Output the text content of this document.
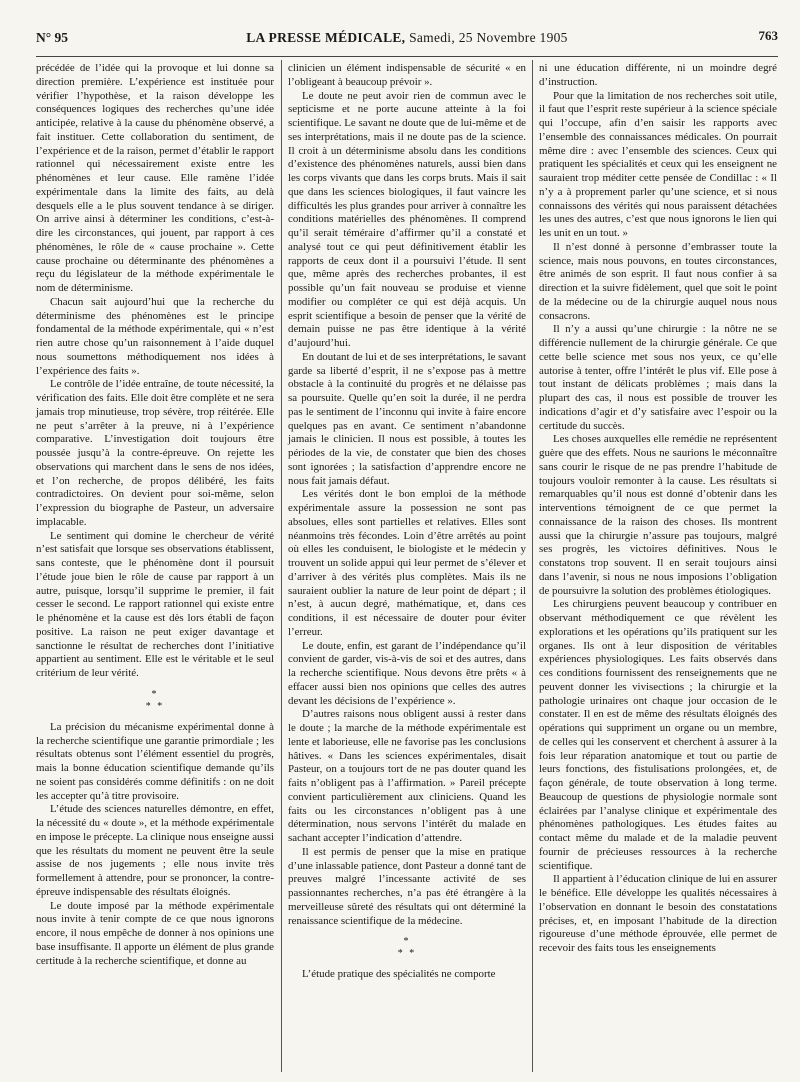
N° 95	LA PRESSE MÉDICALE, Samedi, 25 Novembre 1905	763

précédée de l’idée qui la provoque et lui donne sa direction première. L’expérience est instituée pour vérifier l’hypothèse, et la raison développe les conséquences logiques des recherches qu’une idée anticipée, relative à la cause du phénomène observé, a fait instituer. Cette collaboration du sentiment, de l’expérience et de la raison, permet d’établir le rapport rationnel qui nécessairement existe entre les phénomènes et leur cause. Elle ramène l’idée expérimentale dans la limite des faits, au delà desquels elle a le plus souvent tendance à se diriger. On arrive ainsi à déterminer les conditions, c’est-à-dire les circonstances, qui jouent, par rapport à ces phénomènes, le rôle de « cause prochaine ». Cette cause prochaine ou déterminante des phénomènes a reçu du législateur de la méthode expérimentale le nom de déterminisme.

Chacun sait aujourd’hui que la recherche du déterminisme des phénomènes est le principe fondamental de la méthode expérimentale, qui « n’est rien autre chose qu’un raisonnement à l’aide duquel nous soumettons méthodiquement nos idées à l’expérience des faits ».

Le contrôle de l’idée entraîne, de toute nécessité, la vérification des faits. Elle doit être complète et ne sera jamais trop minutieuse, trop sévère, trop réitérée. Elle ne peut s’arrêter à la preuve, ni à l’expérience comparative. L’investigation doit toujours être poussée jusqu’à la contre-épreuve. On rejette les observations qui marchent dans le sens de nos idées, et l’on recherche, de propos délibéré, les faits contradictoires. On devient pour soi-même, selon l’expression du biographe de Pasteur, un adversaire implacable.

Le sentiment qui domine le chercheur de vérité n’est satisfait que lorsque ses observations établissent, sans conteste, que le phénomène dont il poursuit l’étude joue bien le rôle de cause par rapport à un autre, puisque, lorsqu’il supprime le premier, il fait cesser le second. Le rapport rationnel qui existe entre le phénomène et la cause est dès lors établi de façon positive. La raison ne peut exiger davantage et sanctionne le résultat de recherches dont l’initiative appartient au sentiment. Elle est le véritable et le seul critérium de leur vérité.

*
* *

La précision du mécanisme expérimental donne à la recherche scientifique une garantie primordiale ; les résultats obtenus sont l’élément essentiel du progrès, mais la bonne éducation scientifique demande qu’ils ne soient pas considérés comme définitifs : on ne doit les accepter qu’à titre provisoire.

L’étude des sciences naturelles démontre, en effet, la nécessité du « doute », et la méthode expérimentale en impose le précepte. La clinique nous enseigne aussi que les résultats du moment ne peuvent être la seule assise de nos jugements ; elle nous invite très formellement à attendre, pour se prononcer, la contre-épreuve indispensable des résultats éloignés.

Le doute imposé par la méthode expérimentale nous invite à tenir compte de ce que nous ignorons encore, il nous empêche de donner à nos opinions une base insuffisante. Il apporte un élément de plus grande certitude à la recherche scientifique, et donne au

clinicien un élément indispensable de sécurité « en l’obligeant à beaucoup prévoir ».

Le doute ne peut avoir rien de commun avec le septicisme et ne porte aucune atteinte à la foi scientifique. Le savant ne doute que de lui-même et de ses interprétations, mais il ne doute pas de la science. Il croit à un déterminisme absolu dans les conditions d’existence des phénomènes naturels, aussi bien dans les corps vivants que dans les corps bruts. Mais il sait que dans les sciences biologiques, il faut vaincre les difficultés les plus grandes pour arriver à connaître les conditions matérielles des phénomènes. Il comprend qu’il serait téméraire d’affirmer qu’il a constaté et analysé tout ce qui peut définitivement établir les rapports de ceux dont il a poursuivi l’étude. Il sent que, même après des recherches probantes, il est possible qu’un fait nouveau se produise et vienne modifier ou compléter ce qui est déjà acquis. Un esprit scientifique a besoin de penser que la vérité de demain puisse ne pas être identique à la vérité d’aujourd’hui.

En doutant de lui et de ses interprétations, le savant garde sa liberté d’esprit, il ne s’expose pas à mettre obstacle à la continuité du progrès et ne délaisse pas sa poursuite. Quelle qu’en soit la durée, il ne perdra pas le sentiment de l’inconnu qui invite à faire encore quelques pas en avant. Ce sentiment n’abandonne jamais le clinicien. Il nous est possible, à toutes les périodes de la vie, de constater que bien des choses sont ignorées ; la satisfaction d’apprendre encore ne nous fait jamais défaut.

Les vérités dont le bon emploi de la méthode expérimentale assure la possession ne sont pas absolues, elles sont partielles et relatives. Elles sont néanmoins très fécondes. Loin d’être arrêtés au point où elles les conduisent, le biologiste et le médecin y trouvent un solide appui qui leur permet de s’élever et d’arriver à des vérités plus complètes. Mais ils ne sauraient oublier la nature de leur point de départ ; il n’est, à aucun degré, mathématique, et, dans ces conditions, il est nécessaire de douter pour éviter l’erreur.

Le doute, enfin, est garant de l’indépendance qu’il convient de garder, vis-à-vis de soi et des autres, dans la recherche scientifique. Nous devons être prêts « à effacer aussi bien nos opinions que celles des autres devant les décisions de l’expérience ».

D’autres raisons nous obligent aussi à rester dans le doute ; la marche de la méthode expérimentale est lente et laborieuse, elle ne favorise pas les conclusions hâtives. « Dans les sciences expérimentales, disait Pasteur, on a toujours tort de ne pas douter quand les faits n’obligent pas à l’affirmation. » Pareil précepte convient particulièrement aux cliniciens. Quand les faits ou les circonstances n’obligent pas à une détermination, nous servons l’intérêt du malade en sachant accepter l’indication d’attendre.

Il est permis de penser que la mise en pratique d’une inlassable patience, dont Pasteur a donné tant de preuves malgré l’incessante activité de ses passionnantes recherches, n’a pas été étrangère à la merveilleuse sûreté des résultats qui ont déterminé la renaissance scientifique de la médecine.

*
* *

L’étude pratique des spécialités ne comporte

ni une éducation différente, ni un moindre degré d’instruction.

Pour que la limitation de nos recherches soit utile, il faut que l’esprit reste supérieur à la science spéciale qui l’occupe, afin d’en saisir les rapports avec l’ensemble des connaissances médicales. On pourrait même dire : avec l’ensemble des sciences. Ceux qui pratiquent les spécialités et ceux qui les enseignent ne sauraient trop méditer cette pensée de Condillac : « Il n’y a à proprement parler qu’une science, et si nous connaissons des vérités qui nous paraissent détachées les unes des autres, c’est que nous ignorons le lien qui les unit en un tout. »

Il n’est donné à personne d’embrasser toute la science, mais nous pouvons, en toutes circonstances, être animés de son esprit. Il faut nous confier à sa direction et la suivre fidèlement, quel que soit le point de la médecine ou de la chirurgie auquel nous nous consacrons.

Il n’y a aussi qu’une chirurgie : la nôtre ne se différencie nullement de la chirurgie générale. Ce que cette belle science met sous nos yeux, ce qu’elle autorise à tenter, offre l’intérêt le plus vif. Elle pose à tout instant de délicats problèmes ; mais dans la plupart des cas, il nous est possible de trouver les indications d’agir et d’y satisfaire avec l’espoir ou la certitude du succès.

Les choses auxquelles elle remédie ne représentent guère que des effets. Nous ne saurions le méconnaître sans courir le risque de ne pas prendre l’habitude de toujours vouloir remonter à la cause. Les résultats si remarquables qu’il nous est donné d’obtenir dans les interventions témoignent de ce que permet la connaissance de la raison des choses. Ils montrent aussi que la chirurgie n’assure pas toujours, malgré ses progrès, les victoires définitives. Nous le constatons trop souvent. Il en serait toujours ainsi dans l’avenir, si nous ne nous imposions l’obligation de poursuivre la solution des problèmes étiologiques.

Les chirurgiens peuvent beaucoup y contribuer en observant méthodiquement ce que révèlent les explorations et les opérations qu’ils pratiquent sur les organes. Ils ont à leur disposition de véritables expériences physiologiques. Les faits observés dans ces conditions fournissent des renseignements que ne peuvent donner les vivisections ; la chirurgie et la pathologie urinaires ont chaque jour occasion de le constater. Il en est de même des résultats éloignés des opérations qui suppriment un organe ou un membre, de celles qui les conservent et cherchent à assurer à la fois leur réparation anatomique et tout ou partie de leurs fonctions, des fistulisations prolongées, et, de façon générale, de toute observation à long terme. Beaucoup de questions de physiologie normale sont éclairées par l’analyse clinique et expérimentale des phénomènes pathologiques. Les études faites au contact même du malade et de la maladie peuvent fournir de précieuses ressources à la recherche scientifique.

Il appartient à l’éducation clinique de lui en assurer le bénéfice. Elle développe les qualités nécessaires à l’observation en donnant le besoin des constatations précises, et, en imposant l’habitude de la direction rigoureuse d’une méthode éprouvée, elle permet de recevoir des faits tous les enseignements
